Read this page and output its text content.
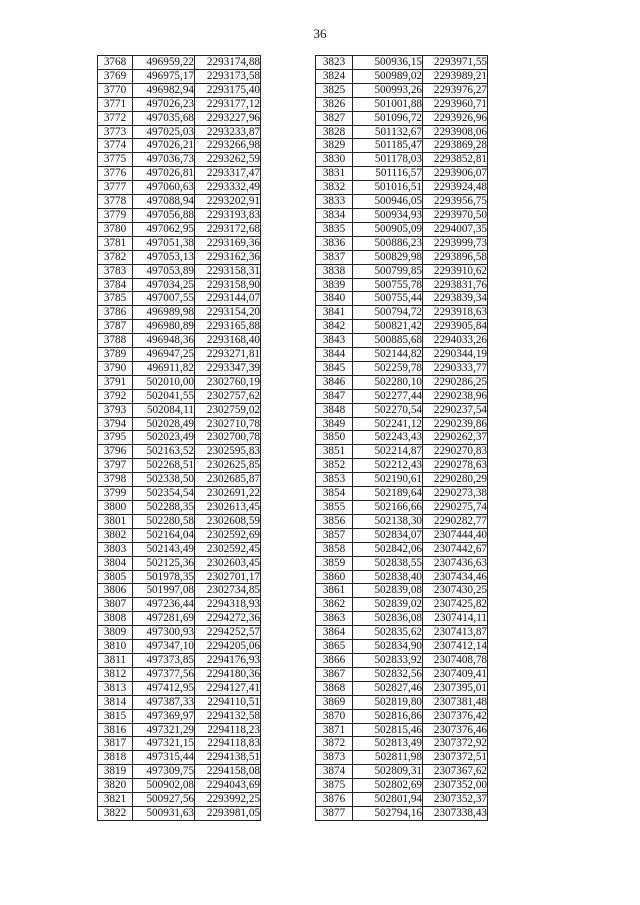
36
3768	496959,22	2293174,88
3769	496975,17	2293173,58
3770	496982,94	2293175,40
3771	497026,23	2293177,12
3772	497035,68	2293227,96
3773	497025,03	2293233,87
3774	497026,21	2293266,98
3775	497036,73	2293262,59
3776	497026,81	2293317,47
3777	497060,63	2293332,49
3778	497088,94	2293202,91
3779	497056,88	2293193,83
3780	497062,95	2293172,68
3781	497051,38	2293169,36
3782	497053,13	2293162,36
3783	497053,89	2293158,31
3784	497034,25	2293158,90
3785	497007,55	2293144,07
3786	496989,98	2293154,20
3787	496980,89	2293165,88
3788	496948,36	2293168,40
3789	496947,25	2293271,81
3790	496911,82	2293347,39
3791	502010,00	2302760,19
3792	502041,55	2302757,62
3793	502084,11	2302759,02
3794	502028,49	2302710,78
3795	502023,49	2302700,78
3796	502163,52	2302595,83
3797	502268,51	2302625,85
3798	502338,50	2302685,87
3799	502354,54	2302691,22
3800	502288,35	2302613,45
3801	502280,58	2302608,59
3802	502164,04	2302592,69
3803	502143,49	2302592,45
3804	502125,36	2302603,45
3805	501978,35	2302701,17
3806	501997,08	2302734,85
3807	497236,44	2294318,93
3808	497281,69	2294272,36
3809	497300,93	2294252,57
3810	497347,10	2294205,06
3811	497373,85	2294176,93
3812	497377,56	2294180,36
3813	497412,95	2294127,41
3814	497387,33	2294110,51
3815	497369,97	2294132,58
3816	497321,29	2294118,23
3817	497321,15	2294118,83
3818	497315,44	2294138,51
3819	497309,75	2294158,08
3820	500902,08	2294043,69
3821	500927,56	2293992,25
3822	500931,63	2293981,05
3823	500936,15	2293971,55
3824	500989,02	2293989,21
3825	500993,26	2293976,27
3826	501001,88	2293960,71
3827	501096,72	2293926,96
3828	501132,67	2293908,06
3829	501185,47	2293869,28
3830	501178,03	2293852,81
3831	501116,57	2293906,07
3832	501016,51	2293924,48
3833	500946,05	2293956,75
3834	500934,93	2293970,50
3835	500905,09	2294007,35
3836	500886,23	2293999,73
3837	500829,98	2293896,58
3838	500799,85	2293910,62
3839	500755,78	2293831,76
3840	500755,44	2293839,34
3841	500794,72	2293918,63
3842	500821,42	2293905,84
3843	500885,68	2294033,26
3844	502144,82	2290344,19
3845	502259,78	2290333,77
3846	502280,10	2290286,25
3847	502277,44	2290238,96
3848	502270,54	2290237,54
3849	502241,12	2290239,86
3850	502243,43	2290262,37
3851	502214,87	2290270,83
3852	502212,43	2290278,63
3853	502190,61	2290280,29
3854	502189,64	2290273,38
3855	502166,66	2290275,74
3856	502138,30	2290282,77
3857	502834,07	2307444,40
3858	502842,06	2307442,67
3859	502838,55	2307436,63
3860	502838,40	2307434,46
3861	502839,08	2307430,25
3862	502839,02	2307425,82
3863	502836,08	2307414,11
3864	502835,62	2307413,87
3865	502834,90	2307412,14
3866	502833,92	2307408,78
3867	502832,56	2307409,41
3868	502827,46	2307395,01
3869	502819,80	2307381,48
3870	502816,86	2307376,42
3871	502815,46	2307376,46
3872	502813,49	2307372,92
3873	502811,98	2307372,51
3874	502809,31	2307367,62
3875	502802,69	2307352,00
3876	502801,94	2307352,37
3877	502794,16	2307338,43
